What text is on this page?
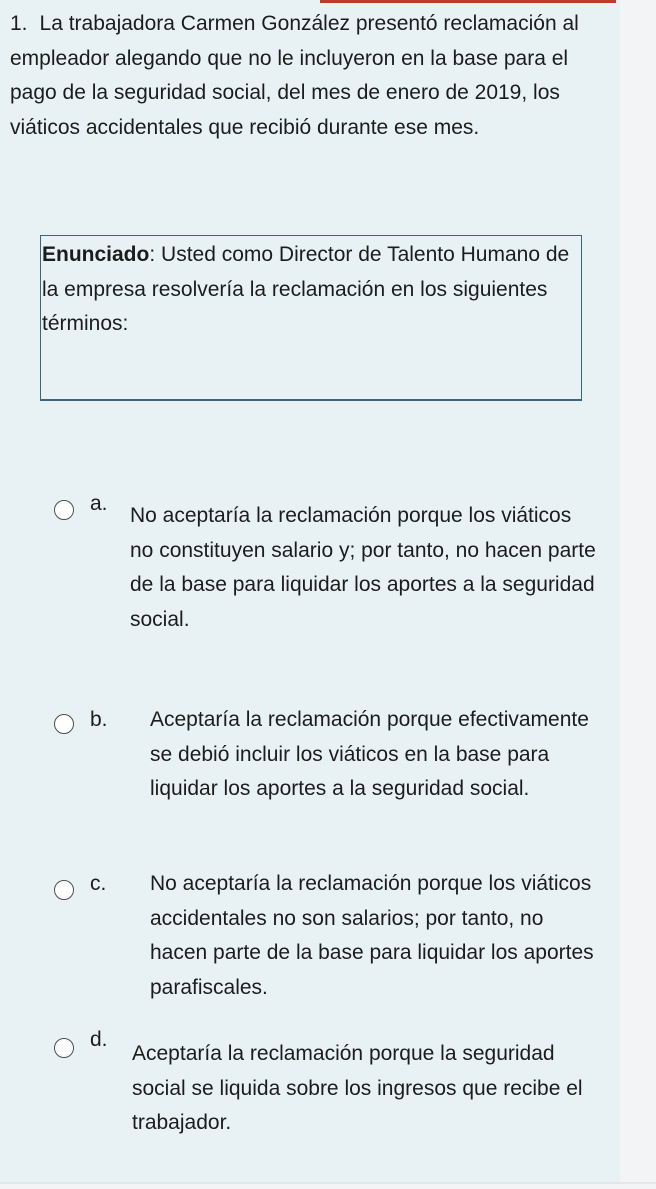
1. La trabajadora Carmen González presentó reclamación al empleador alegando que no le incluyeron en la base para el pago de la seguridad social, del mes de enero de 2019, los viáticos accidentales que recibió durante ese mes.

Enunciado: Usted como Director de Talento Humano de la empresa resolvería la reclamación en los siguientes términos:

a.

No aceptaría la reclamación porque los viáticos no constituyen salario y; por tanto, no hacen parte de la base para liquidar los aportes a la seguridad social.

b. Aceptaría la reclamación porque efectivamente se debió incluir los viáticos en la base para liquidar los aportes a la seguridad social.

c. No aceptaría la reclamación porque los viáticos accidentales no son salarios; por tanto, no hacen parte de la base para liquidar los aportes parafiscales.

d.

Aceptaría la reclamación porque la seguridad social se liquida sobre los ingresos que recibe el trabajador.
